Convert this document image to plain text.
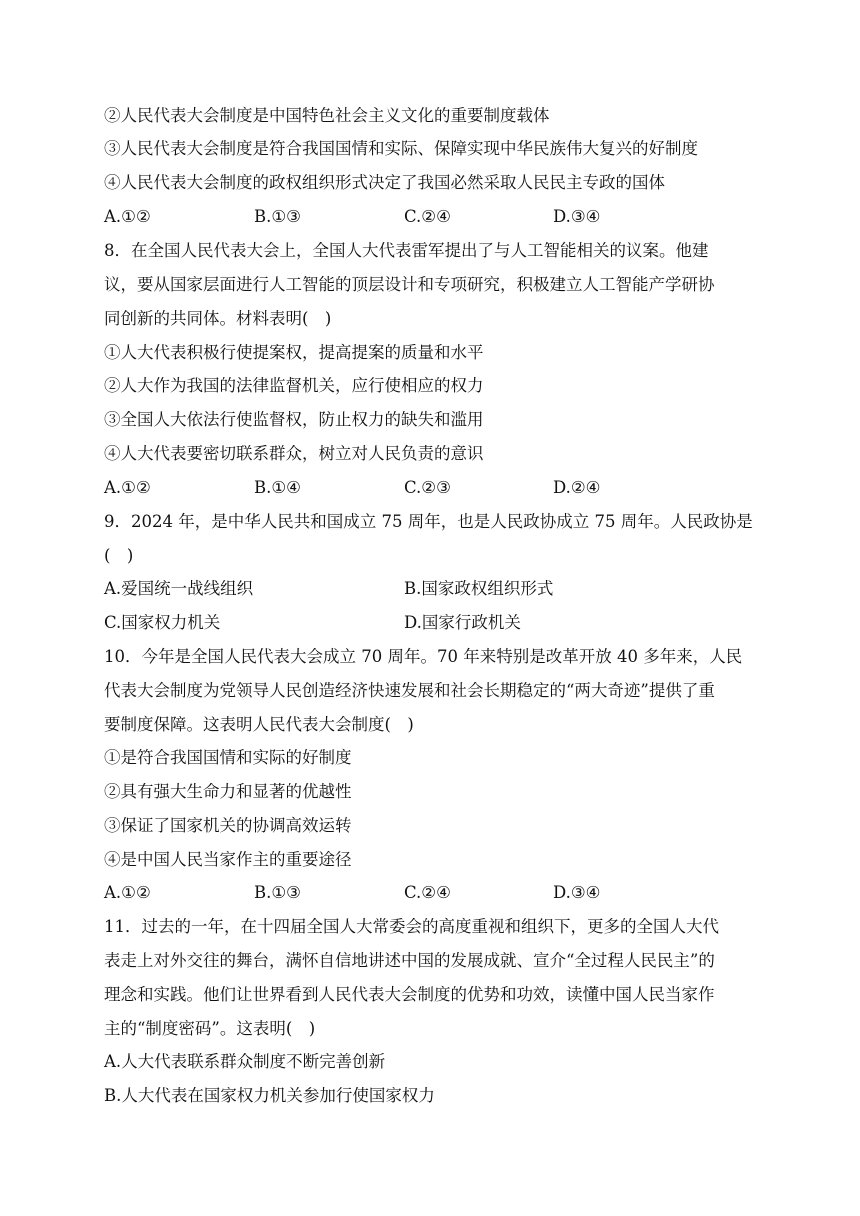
②人民代表大会制度是中国特色社会主义文化的重要制度载体
③人民代表大会制度是符合我国国情和实际、保障实现中华民族伟大复兴的好制度
④人民代表大会制度的政权组织形式决定了我国必然采取人民民主专政的国体
A.①②	B.①③	C.②④	D.③④
8．在全国人民代表大会上，全国人大代表雷军提出了与人工智能相关的议案。他建
议，要从国家层面进行人工智能的顶层设计和专项研究，积极建立人工智能产学研协
同创新的共同体。材料表明(　)
①人大代表积极行使提案权，提高提案的质量和水平
②人大作为我国的法律监督机关，应行使相应的权力
③全国人大依法行使监督权，防止权力的缺失和滥用
④人大代表要密切联系群众，树立对人民负责的意识
A.①②	B.①④	C.②③	D.②④
9．2024 年，是中华人民共和国成立 75 周年，也是人民政协成立 75 周年。人民政协是
(　)
A.爱国统一战线组织	B.国家政权组织形式
C.国家权力机关	D.国家行政机关
10．今年是全国人民代表大会成立 70 周年。70 年来特别是改革开放 40 多年来，人民
代表大会制度为党领导人民创造经济快速发展和社会长期稳定的“两大奇迹”提供了重
要制度保障。这表明人民代表大会制度(　)
①是符合我国国情和实际的好制度
②具有强大生命力和显著的优越性
③保证了国家机关的协调高效运转
④是中国人民当家作主的重要途径
A.①②	B.①③	C.②④	D.③④
11．过去的一年，在十四届全国人大常委会的高度重视和组织下，更多的全国人大代
表走上对外交往的舞台，满怀自信地讲述中国的发展成就、宣介“全过程人民民主”的
理念和实践。他们让世界看到人民代表大会制度的优势和功效，读懂中国人民当家作
主的“制度密码”。这表明(　)
A.人大代表联系群众制度不断完善创新
B.人大代表在国家权力机关参加行使国家权力
